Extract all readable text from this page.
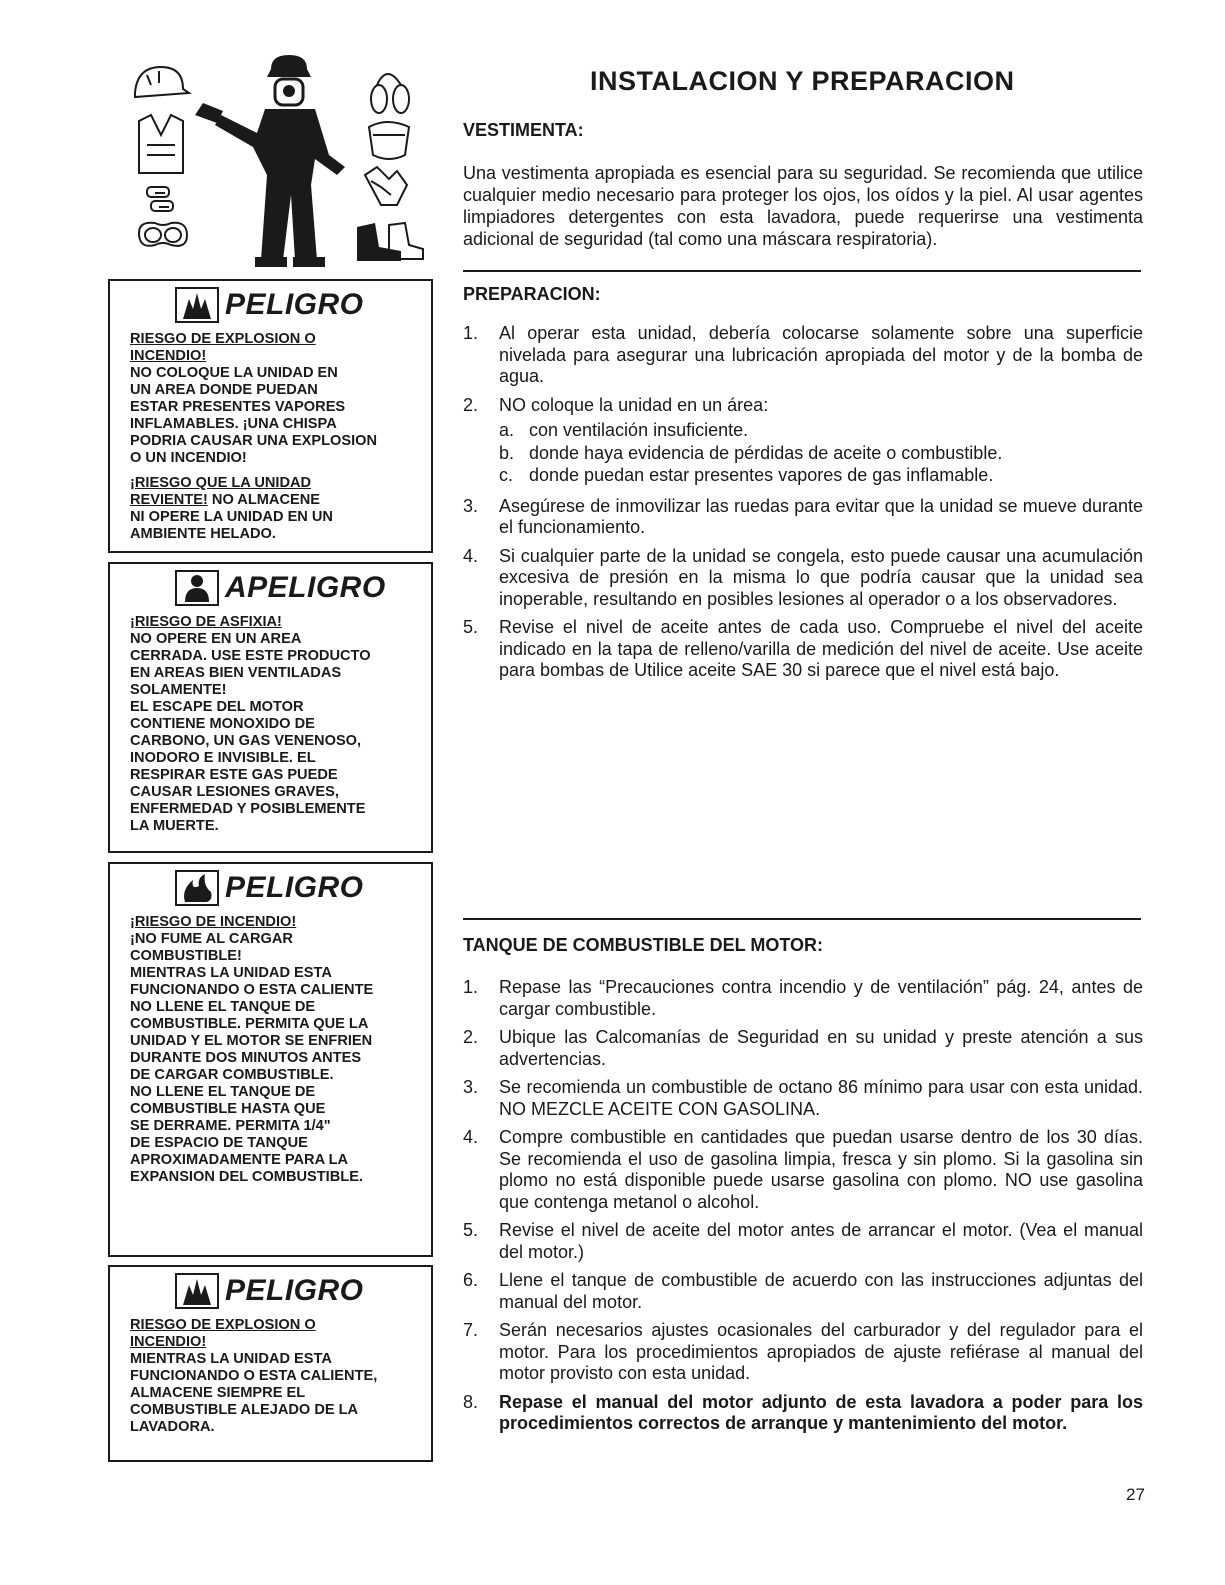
INSTALACION Y PREPARACION
VESTIMENTA:
Una vestimenta apropiada es esencial para su seguridad. Se recomienda que utilice cualquier medio necesario para proteger los ojos, los oídos y la piel. Al usar agentes limpiadores detergentes con esta lavadora, puede requerirse una vestimenta adicional de seguridad (tal como una máscara respiratoria).
PREPARACION:
1.	Al operar esta unidad, debería colocarse solamente sobre una superficie nivelada para asegurar una lubricación apropiada del motor y de la bomba de agua.
2.	NO coloque la unidad en un área:
a. con ventilación insuficiente.
b. donde haya evidencia de pérdidas de aceite o combustible.
c. donde puedan estar presentes vapores de gas inflamable.
3.	Asegúrese de inmovilizar las ruedas para evitar que la unidad se mueve durante el funcionamiento.
4.	Si cualquier parte de la unidad se congela, esto puede causar una acumulación excesiva de presión en la misma lo que podría causar que la unidad sea inoperable, resultando en posibles lesiones al operador o a los observadores.
5.	Revise el nivel de aceite antes de cada uso. Compruebe el nivel del aceite indicado en la tapa de relleno/varilla de medición del nivel de aceite. Use aceite para bombas de Utilice aceite SAE 30 si parece que el nivel está bajo.
TANQUE DE COMBUSTIBLE DEL MOTOR:
1.	Repase las “Precauciones contra incendio y de ventilación” pág. 24, antes de cargar combustible.
2.	Ubique las Calcomanías de Seguridad en su unidad y preste atención a sus advertencias.
3.	Se recomienda un combustible de octano 86 mínimo para usar con esta unidad. NO MEZCLE ACEITE CON GASOLINA.
4.	Compre combustible en cantidades que puedan usarse dentro de los 30 días. Se recomienda el uso de gasolina limpia, fresca y sin plomo. Si la gasolina sin plomo no está disponible puede usarse gasolina con plomo. NO use gasolina que contenga metanol o alcohol.
5.	Revise el nivel de aceite del motor antes de arrancar el motor. (Vea el manual del motor.)
6.	Llene el tanque de combustible de acuerdo con las instrucciones adjuntas del manual del motor.
7.	Serán necesarios ajustes ocasionales del carburador y del regulador para el motor. Para los procedimientos apropiados de ajuste refiérase al manual del motor provisto con esta unidad.
8.	Repase el manual del motor adjunto de esta lavadora a poder para los procedimientos correctos de arranque y mantenimiento del motor.
27
PELIGRO
RIESGO DE EXPLOSION O
INCENDIO!
NO COLOQUE LA UNIDAD EN
UN AREA DONDE PUEDAN
ESTAR PRESENTES VAPORES
INFLAMABLES. ¡UNA CHISPA
PODRIA CAUSAR UNA EXPLOSION
O UN INCENDIO!
¡RIESGO QUE LA UNIDAD
REVIENTE! NO ALMACENE
NI OPERE LA UNIDAD EN UN
AMBIENTE HELADO.
APELIGRO
¡RIESGO DE ASFIXIA!
NO OPERE EN UN AREA
CERRADA. USE ESTE PRODUCTO
EN AREAS BIEN VENTILADAS
SOLAMENTE!
EL ESCAPE DEL MOTOR
CONTIENE MONOXIDO DE
CARBONO, UN GAS VENENOSO,
INODORO E INVISIBLE. EL
RESPIRAR ESTE GAS PUEDE
CAUSAR LESIONES GRAVES,
ENFERMEDAD Y POSIBLEMENTE
LA MUERTE.
PELIGRO
¡RIESGO DE INCENDIO!
¡NO FUME AL CARGAR
COMBUSTIBLE!
MIENTRAS LA UNIDAD ESTA
FUNCIONANDO O ESTA CALIENTE
NO LLENE EL TANQUE DE
COMBUSTIBLE. PERMITA QUE LA
UNIDAD Y EL MOTOR SE ENFRIEN
DURANTE DOS MINUTOS ANTES
DE CARGAR COMBUSTIBLE.
NO LLENE EL TANQUE DE
COMBUSTIBLE HASTA QUE
SE DERRAME. PERMITA 1/4"
DE ESPACIO DE TANQUE
APROXIMADAMENTE PARA LA
EXPANSION DEL COMBUSTIBLE.
PELIGRO
RIESGO DE EXPLOSION O
INCENDIO!
MIENTRAS LA UNIDAD ESTA
FUNCIONANDO O ESTA CALIENTE,
ALMACENE SIEMPRE EL
COMBUSTIBLE ALEJADO DE LA
LAVADORA.
